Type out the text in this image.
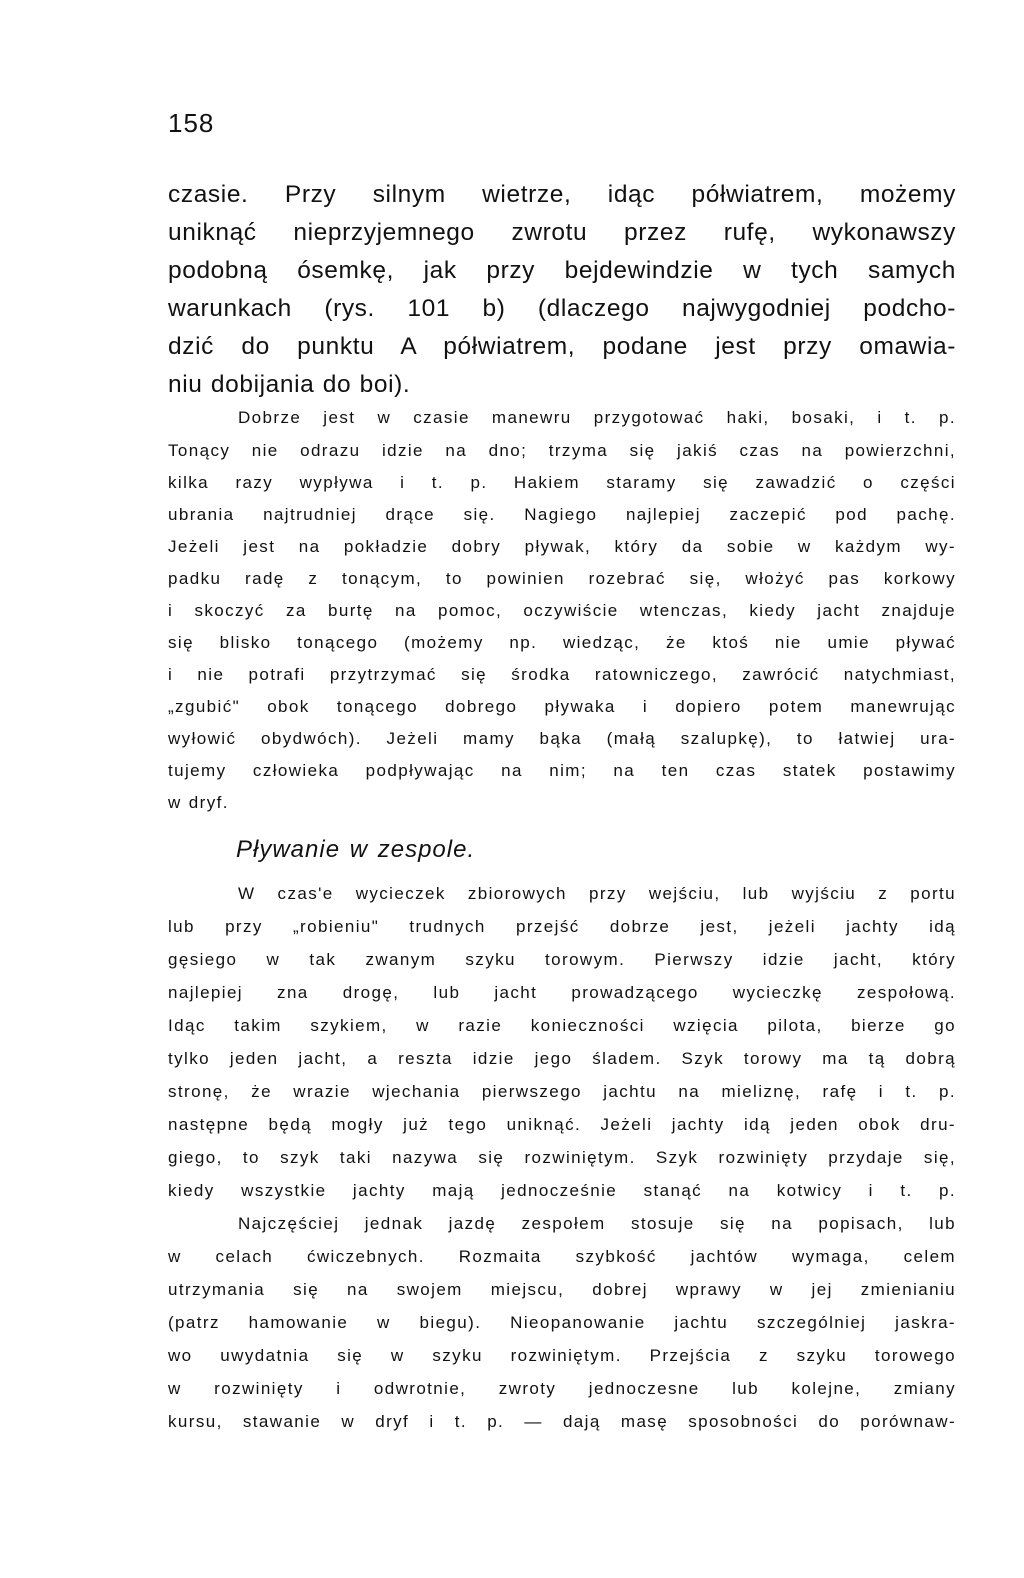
158
czasie. Przy silnym wietrze, idąc półwiatrem, możemy
uniknąć nieprzyjemnego zwrotu przez rufę, wykonawszy
podobną ósemkę, jak przy bejdewindzie w tych samych
warunkach (rys. 101 b) (dlaczego najwygodniej podcho-
dzić do punktu A półwiatrem, podane jest przy omawia-
niu dobijania do boi).
Dobrze jest w czasie manewru przygotować haki, bosaki, i t. p.
Tonący nie odrazu idzie na dno; trzyma się jakiś czas na powierzchni,
kilka razy wypływa i t. p. Hakiem staramy się zawadzić o części
ubrania najtrudniej drące się. Nagiego najlepiej zaczepić pod pachę.
Jeżeli jest na pokładzie dobry pływak, który da sobie w każdym wy-
padku radę z tonącym, to powinien rozebrać się, włożyć pas korkowy
i skoczyć za burtę na pomoc, oczywiście wtenczas, kiedy jacht znajduje
się blisko tonącego (możemy np. wiedząc, że ktoś nie umie pływać
i nie potrafi przytrzymać się środka ratowniczego, zawrócić natychmiast,
„zgubić" obok tonącego dobrego pływaka i dopiero potem manewrując
wyłowić obydwóch). Jeżeli mamy bąka (małą szalupkę), to łatwiej ura-
tujemy człowieka podpływając na nim; na ten czas statek postawimy
w dryf.
Pływanie w zespole.
W czas'e wycieczek zbiorowych przy wejściu, lub wyjściu z portu
lub przy „robieniu" trudnych przejść dobrze jest, jeżeli jachty idą
gęsiego w tak zwanym szyku torowym. Pierwszy idzie jacht, który
najlepiej zna drogę, lub jacht prowadzącego wycieczkę zespołową.
Idąc takim szykiem, w razie konieczności wzięcia pilota, bierze go
tylko jeden jacht, a reszta idzie jego śladem. Szyk torowy ma tą dobrą
stronę, że wrazie wjechania pierwszego jachtu na mieliznę, rafę i t. p.
następne będą mogły już tego uniknąć. Jeżeli jachty idą jeden obok dru-
giego, to szyk taki nazywa się rozwiniętym. Szyk rozwinięty przydaje się,
kiedy wszystkie jachty mają jednocześnie stanąć na kotwicy i t. p.
Najczęściej jednak jazdę zespołem stosuje się na popisach, lub
w celach ćwiczebnych. Rozmaita szybkość jachtów wymaga, celem
utrzymania się na swojem miejscu, dobrej wprawy w jej zmienianiu
(patrz hamowanie w biegu). Nieopanowanie jachtu szczególniej jaskra-
wo uwydatnia się w szyku rozwiniętym. Przejścia z szyku torowego
w rozwinięty i odwrotnie, zwroty jednoczesne lub kolejne, zmiany
kursu, stawanie w dryf i t. p. — dają masę sposobności do porównaw-
